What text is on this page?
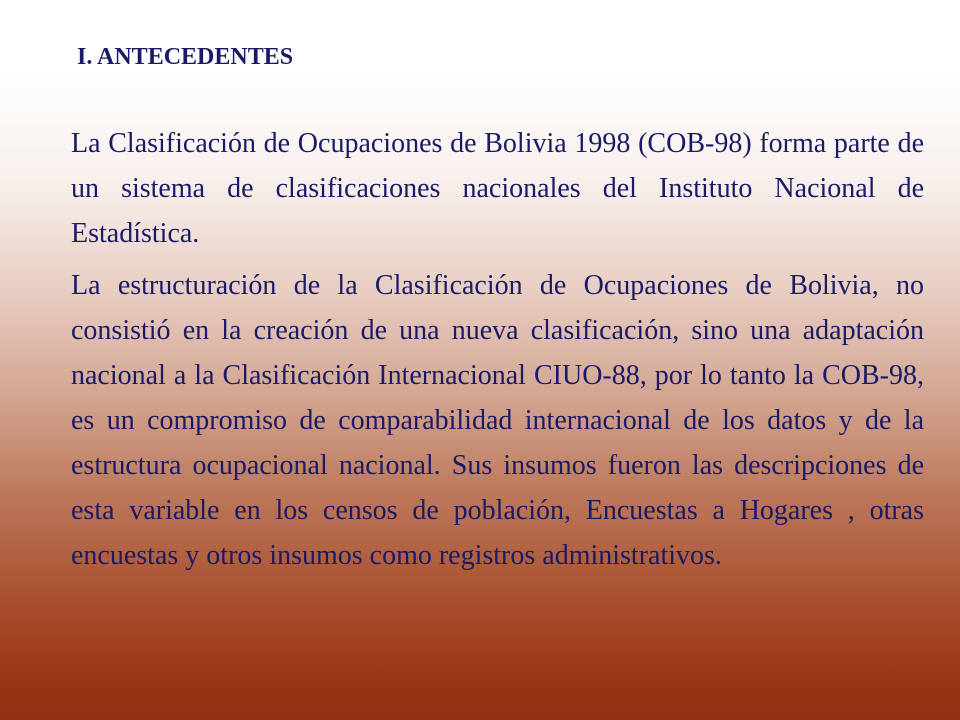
I. ANTECEDENTES

La Clasificación de Ocupaciones de Bolivia 1998 (COB-98) forma parte de un sistema de clasificaciones nacionales del Instituto Nacional de Estadística.

La estructuración de la Clasificación de Ocupaciones de Bolivia, no consistió en la creación de una nueva clasificación, sino una adaptación nacional a la Clasificación Internacional CIUO-88, por lo tanto la COB-98, es un compromiso de comparabilidad internacional de los datos y de la estructura ocupacional nacional. Sus insumos fueron las descripciones de esta variable en los censos de población, Encuestas a Hogares , otras encuestas y otros insumos como registros administrativos.
